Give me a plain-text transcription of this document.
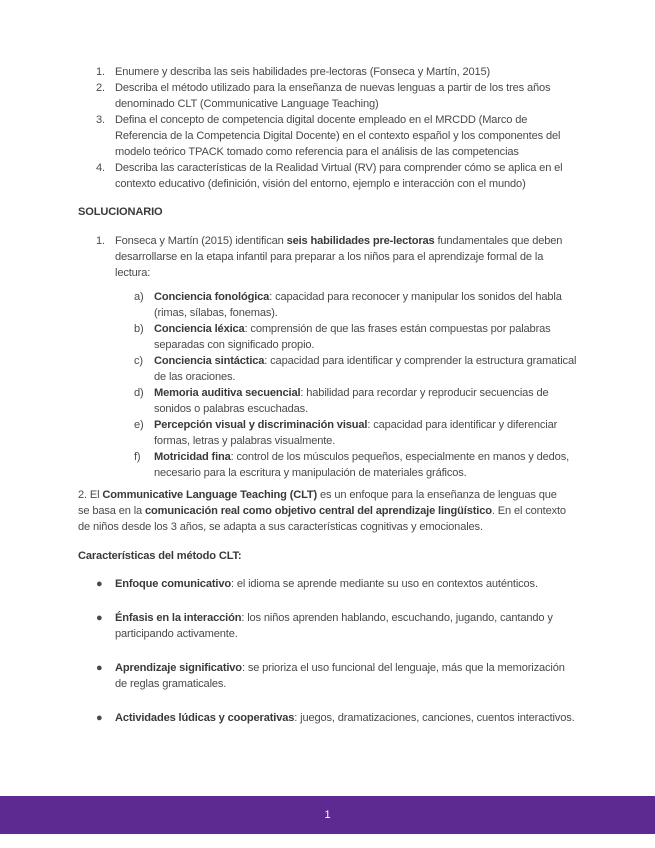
1. Enumere y describa las seis habilidades pre-lectoras (Fonseca y Martín, 2015)
2. Describa el método utilizado para la enseñanza de nuevas lenguas a partir de los tres años denominado CLT (Communicative Language Teaching)
3. Defina el concepto de competencia digital docente empleado en el MRCDD (Marco de Referencia de la Competencia Digital Docente) en el contexto español y los componentes del modelo teórico TPACK tomado como referencia para el análisis de las competencias
4. Describa las características de la Realidad Virtual (RV) para comprender cómo se aplica en el contexto educativo (definición, visión del entorno, ejemplo e interacción con el mundo)
SOLUCIONARIO
1. Fonseca y Martín (2015) identifican seis habilidades pre-lectoras fundamentales que deben desarrollarse en la etapa infantil para preparar a los niños para el aprendizaje formal de la lectura:
a) Conciencia fonológica: capacidad para reconocer y manipular los sonidos del habla (rimas, sílabas, fonemas).
b) Conciencia léxica: comprensión de que las frases están compuestas por palabras separadas con significado propio.
c) Conciencia sintáctica: capacidad para identificar y comprender la estructura gramatical de las oraciones.
d) Memoria auditiva secuencial: habilidad para recordar y reproducir secuencias de sonidos o palabras escuchadas.
e) Percepción visual y discriminación visual: capacidad para identificar y diferenciar formas, letras y palabras visualmente.
f) Motricidad fina: control de los músculos pequeños, especialmente en manos y dedos, necesario para la escritura y manipulación de materiales gráficos.
2. El Communicative Language Teaching (CLT) es un enfoque para la enseñanza de lenguas que se basa en la comunicación real como objetivo central del aprendizaje lingüístico. En el contexto de niños desde los 3 años, se adapta a sus características cognitivas y emocionales.
Características del método CLT:
● Enfoque comunicativo: el idioma se aprende mediante su uso en contextos auténticos.
● Énfasis en la interacción: los niños aprenden hablando, escuchando, jugando, cantando y participando activamente.
● Aprendizaje significativo: se prioriza el uso funcional del lenguaje, más que la memorización de reglas gramaticales.
● Actividades lúdicas y cooperativas: juegos, dramatizaciones, canciones, cuentos interactivos.
1
